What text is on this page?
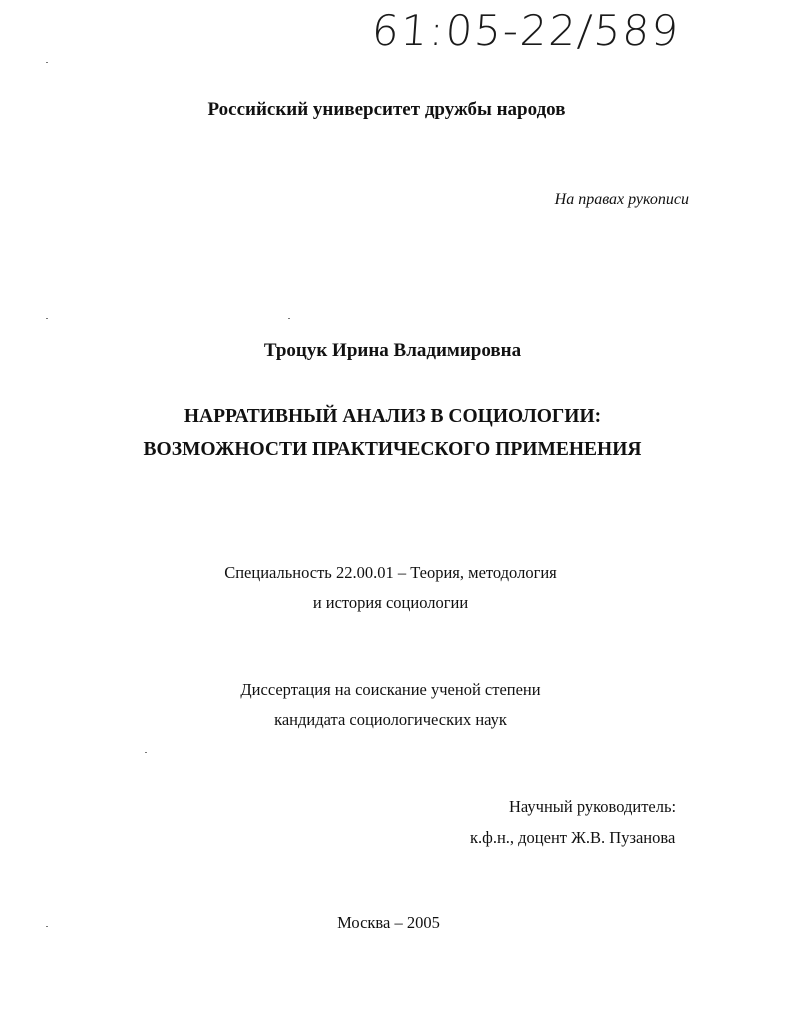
61:05-22/589
Российский университет дружбы народов
На правах рукописи
Троцук Ирина Владимировна
НАРРАТИВНЫЙ АНАЛИЗ В СОЦИОЛОГИИ:
ВОЗМОЖНОСТИ ПРАКТИЧЕСКОГО ПРИМЕНЕНИЯ
Специальность 22.00.01 – Теория, методология
и история социологии
Диссертация на соискание ученой степени
кандидата социологических наук
Научный руководитель:
к.ф.н., доцент Ж.В. Пузанова
Москва – 2005
